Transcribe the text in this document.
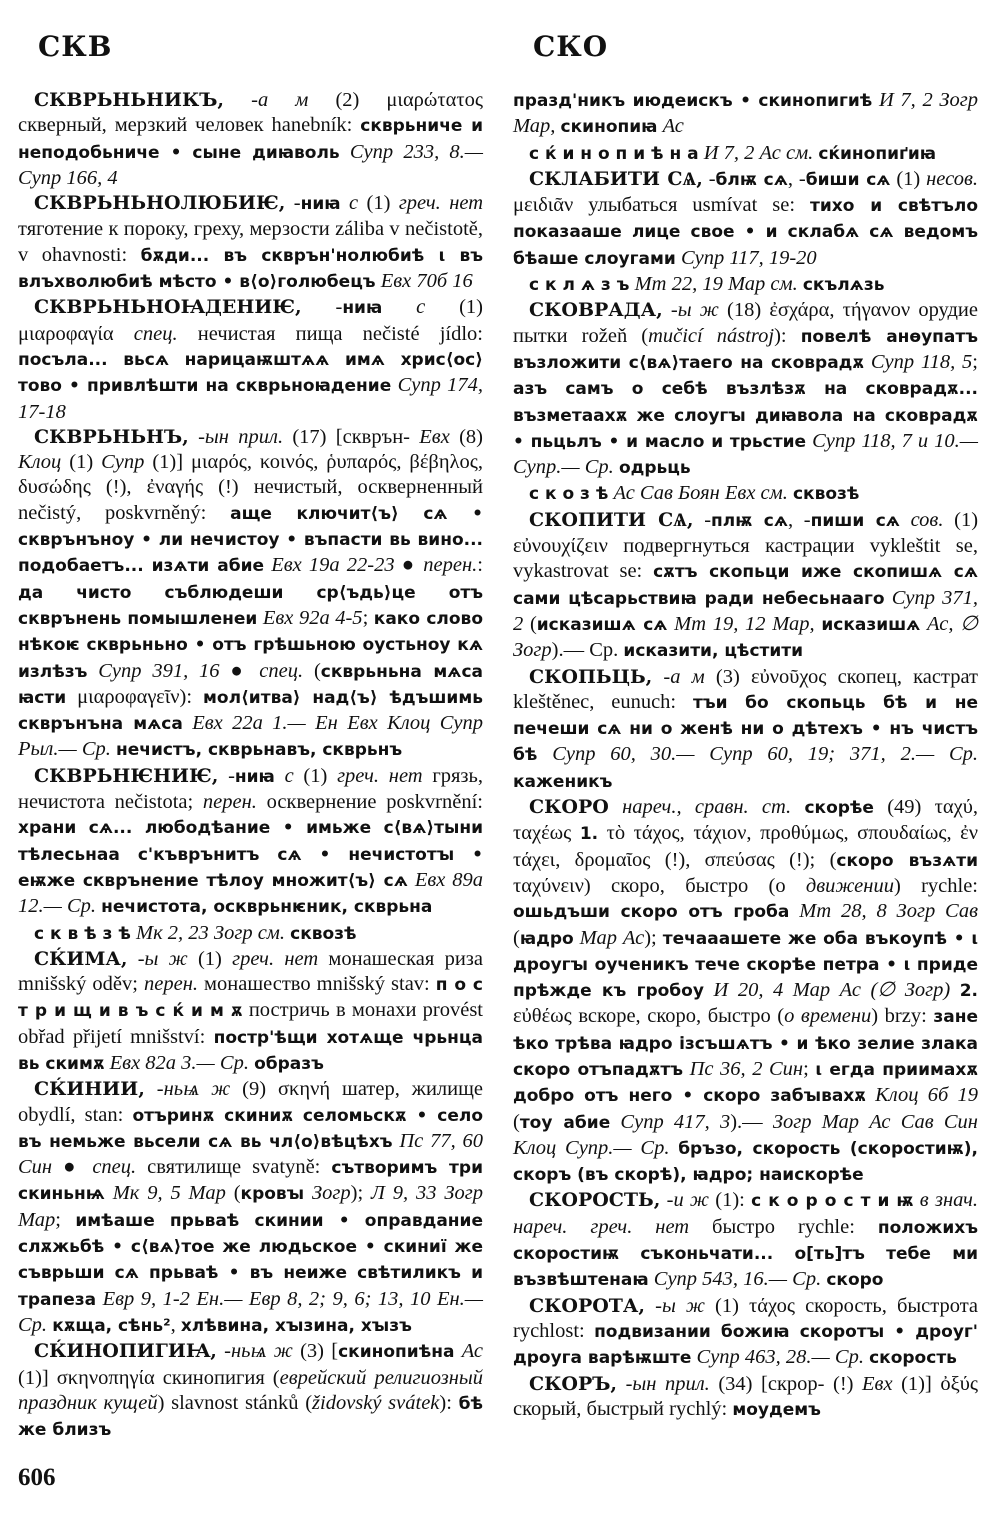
СКВ	СКО

СКВРЬНЬНИКЪ, -а м (2) μιαρώτατος скверный, мерзкий человек hanebník: скврьниче и неподобьниче • сыне диꙗволь Супр 233, 8.— Супр 166, 4

СКВРЬНЬНОЛЮБИѤ, -ниꙗ с (1) греч. нет тяготение к пороку, греху, мерзости záliba v nečistotě, v ohavnosti: бѫди... въ скврън'нолюбиѣ ι въ влъхволюбиѣ мѣсто • в⟨о⟩голюбецъ Евх 70б 16

СКВРЬНЬНОꙖДЕНИѤ, -ниꙗ с (1) μιαροφαγία спец. нечистая пища nečisté jídlo: посъла... вьсѧ нарицаѭштѧѧ имѧ хрис⟨ос⟩тово • привлѣшти на скврьноꙗдение Супр 174, 17-18

СКВРЬНЬНЪ, -ын прил. (17) [скврън- Евх (8) Клоц (1) Супр (1)] μιαρός, κοινός, ῥυπαρός, βέβηλος, δυσώδης (!), ἐναγής (!) нечистый, оскверненный nečistý, poskvrněný: аще ключит⟨ъ⟩ сѧ • скврънъноу • ли нечистоу • въпасти вь вино... подобаетъ... изѧти абие Евх 19а 22-23 ● перен.: да чисто съблюдеши ср⟨ъдь⟩це отъ скврънень помышленеи Евх 92а 4-5; како слово нѣкоѥ скврьньно • отъ грѣшьною оустьноу кѧ излѣзъ Супр 391, 16 ● спец. (скврьньна мѧса ꙗсти μιαροφαγεῖν): мол⟨итва⟩ над⟨ъ⟩ ѣдъшимь скврънъна мѧса Евх 22а 1.— Ен Евх Клоц Супр Рыл.— Ср. нечистъ, скврьнавъ, скврьнъ

СКВРЬНѤНИѤ, -ниꙗ с (1) греч. нет грязь, нечистота nečistota; перен. осквернение poskvrnění: храни сѧ... любодѣание • имьже с⟨вѧ⟩тыни тѣлесьнаа с'къврънитъ сѧ • нечистотꙑ • еѭже скврънение тѣлоу множит⟨ъ⟩ сѧ Евх 89а 12.— Ср. нечистота, оскврьнѥник, скврьна

с к в ѣ з ѣ Мк 2, 23 Зогр см. сквозѣ

СЌИМА, -ы ж (1) греч. нет монашеская риза mnišský oděv; перен. монашество mnišský stav: п о с т р и щ и в ъ с ќ и м ѫ постричь в монахи provést obřad přijetí mnišství: постр'ѣщи хотѧще чрьнца вь скимѫ Евх 82а 3.— Ср. образъ

СЌИНИИ, -ньѩ ж (9) σκηνή шатер, жилище obydlí, stan: отъринѫ скиниѫ селомьскѫ • село въ немьже вьсели сѧ вь чл⟨о⟩вѣцѣхъ Пс 77, 60 Син ● спец. святилище svatyně: сътворимъ три скиньнѩ Мк 9, 5 Мар (кровꙑ Зогр); Л 9, 33 Зогр Мар; имѣаше прьваѣ скинии • оправдание слѫжьбѣ • с⟨вѧ⟩тое же людьское • скиниї же съврьши сѧ прьваѣ • въ неиже свѣтиликъ и трапеза Евр 9, 1-2 Ен.— Евр 8, 2; 9, 6; 13, 10 Ен.— Ср. кѫща, сѣнь², хлѣвина, хꙑзина, хꙑзъ

СЌИНОПИГИꙖ, -ньѩ ж (3) [скинопиѣна Ас (1)] σκηνοπηγία скинопигия (еврейский религиозный праздник кущей) slavnost stánků (židovský svátek): бѣ же близъ

празд'никъ июдеискъ • скинопигиѣ И 7, 2 Зогр Мар, скинопиꙗ Ас

с ќ и н о п и ѣ н а И 7, 2 Ас см. сќинопиґиꙗ

СКЛАБИТИ СѦ, -блѭ сѧ, -биши сѧ (1) несов. μειδιᾶν улыбаться usmívat se: тихо и свѣтъло показааше лице свое • и склабѧ сѧ ведомъ бѣаше слоугами Супр 117, 19-20

с к л ѧ з ъ Мт 22, 19 Мар см. скълѧзь

СКОВРАДА, -ы ж (18) ἐσχάρα, τήγανον орудие пытки rožeň (mučicí nástroj): повелѣ анѳупатъ възложити с⟨вѧ⟩таего на сковрадѫ Супр 118, 5; азъ самъ о себѣ възлѣзѫ на сковрадѫ... възметаахѫ же слоугꙑ диꙗвола на сковрадѫ • пьцьлъ • и масло и трьстие Супр 118, 7 и 10.— Супр.— Ср. одрьць

с к о з ѣ Ас Сав Боян Евх см. сквозѣ

СКОПИТИ СѦ, -плѭ сѧ, -пиши сѧ сов. (1) εὐνουχίζειν подвергнуться кастрации vykleštit se, vykastrovat se: сѫтъ скопьци иже скопишѧ сѧ сами цѣсарьствиꙗ ради небесьнааго Супр 371, 2 (исказишѧ сѧ Мт 19, 12 Мар, исказишѧ Ас, ∅ Зогр).— Ср. исказити, цѣстити

СКОПЬЦЬ, -а м (3) εὐνοῦχος скопец, кастрат kleštěnec, eunuch: тъи бо скопьць бѣ и не печеши сѧ ни о женѣ ни о дѣтехъ • нъ чистъ бѣ Супр 60, 30.— Супр 60, 19; 371, 2.— Ср. каженикъ

СКОРО нареч., сравн. ст. скорѣе (49) ταχύ, ταχέως 1. τὸ τάχος, τάχιον, προθύμως, σπουδαίως, ἐν τάχει, δρομαῖος (!), σπεύσας (!); (скоро възѧти ταχύνειν) скоро, быстро (о движении) rychle: ошьдъши скоро отъ гроба Мт 28, 8 Зогр Сав (ꙗдро Мар Ас); течааашете же оба въкоупѣ • ι дроугꙑ оученикъ тече скорѣе петра • ι приде прѣжде къ гробоу И 20, 4 Мар Ас (∅ Зогр) 2. εὐθέως вскоре, скоро, быстро (о времени) brzy: зане ѣко трѣва ꙗдро ізсъшѧтъ • и ѣко зелие злака скоро отъпадѫтъ Пс 36, 2 Син; ι егда приимахѫ добро отъ него • скоро забꙑвахѫ Клоц 6б 19 (тоу абие Супр 417, 3).— Зогр Мар Ас Сав Син Клоц Супр.— Ср. бръзо, скорость (скоростиѭ), скоръ (въ скорѣ), ꙗдро; наискорѣе

СКОРОСТЬ, -и ж (1): с к о р о с т и ѭ в знач. нареч. греч. нет быстро rychle: положихъ скоростиѭ съконьчати... о[ть]тъ тебе ми възвѣштенаꙗ Супр 543, 16.— Ср. скоро

СКОРОТА, -ы ж (1) τάχος скорость, быстрота rychlost: подвизании божиꙗ скоротꙑ • дроуг' дроуга варѣѭште Супр 463, 28.— Ср. скорость

СКОРЪ, -ын прил. (34) [скрор- (!) Евх (1)] ὀξύς скорый, быстрый rychlý: моудемъ

606
